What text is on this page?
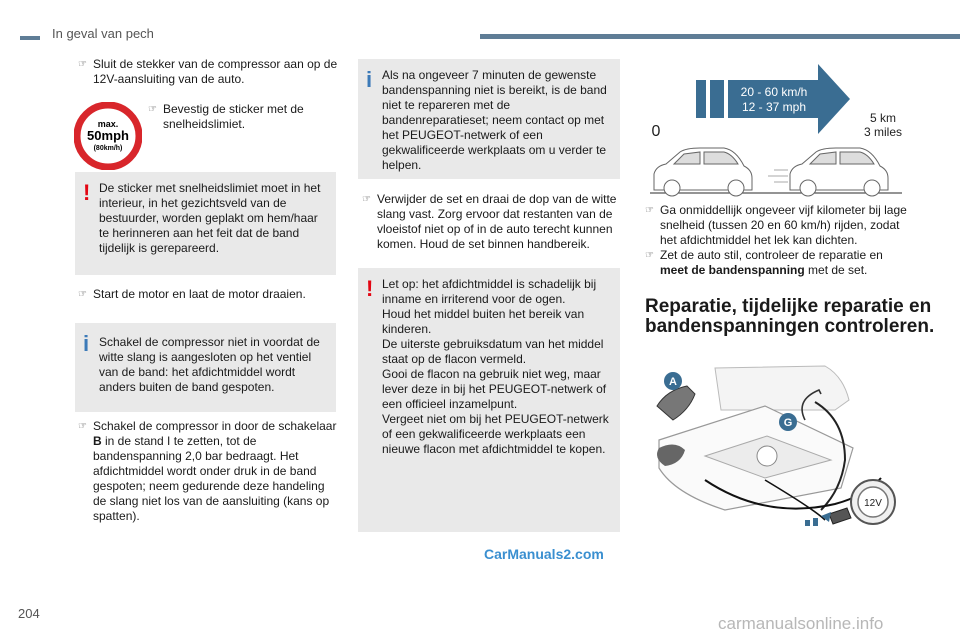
In geval van pech
☞ Sluit de stekker van de compressor aan op de 12V-aansluiting van de auto.
max.
50mph
(80km/h)
☞ Bevestig de sticker met de snelheidslimiet.
! De sticker met snelheidslimiet moet in het interieur, in het gezichtsveld van de bestuurder, worden geplakt om hem/haar te herinneren aan het feit dat de band tijdelijk is gerepareerd.
☞ Start de motor en laat de motor draaien.
i Schakel de compressor niet in voordat de witte slang is aangesloten op het ventiel van de band: het afdichtmiddel wordt anders buiten de band gespoten.
☞ Schakel de compressor in door de schakelaar B in de stand I te zetten, tot de bandenspanning 2,0 bar bedraagt. Het afdichtmiddel wordt onder druk in de band gespoten; neem gedurende deze handeling de slang niet los van de aansluiting (kans op spatten).
i Als na ongeveer 7 minuten de gewenste bandenspanning niet is bereikt, is de band niet te repareren met de bandenreparatieset; neem contact op met het PEUGEOT-netwerk of een gekwalificeerde werkplaats om u verder te helpen.
☞ Verwijder de set en draai de dop van de witte slang vast. Zorg ervoor dat restanten van de vloeistof niet op of in de auto terecht kunnen komen. Houd de set binnen handbereik.
! Let op: het afdichtmiddel is schadelijk bij inname en irriterend voor de ogen.
Houd het middel buiten het bereik van kinderen.
De uiterste gebruiksdatum van het middel staat op de flacon vermeld.
Gooi de flacon na gebruik niet weg, maar lever deze in bij het PEUGEOT-netwerk of een officieel inzamelpunt.
Vergeet niet om bij het PEUGEOT-netwerk of een gekwalificeerde werkplaats een nieuwe flacon met afdichtmiddel te kopen.
20 - 60 km/h
12 - 37 mph
0
5 km
3 miles
☞ Ga onmiddellijk ongeveer vijf kilometer bij lage snelheid (tussen 20 en 60 km/h) rijden, zodat het afdichtmiddel het lek kan dichten.
☞ Zet de auto stil, controleer de reparatie en meet de bandenspanning met de set.
Reparatie, tijdelijke reparatie en bandenspanningen controleren.
A
G
12V
204
CarManuals2.com
carmanualsonline.info
